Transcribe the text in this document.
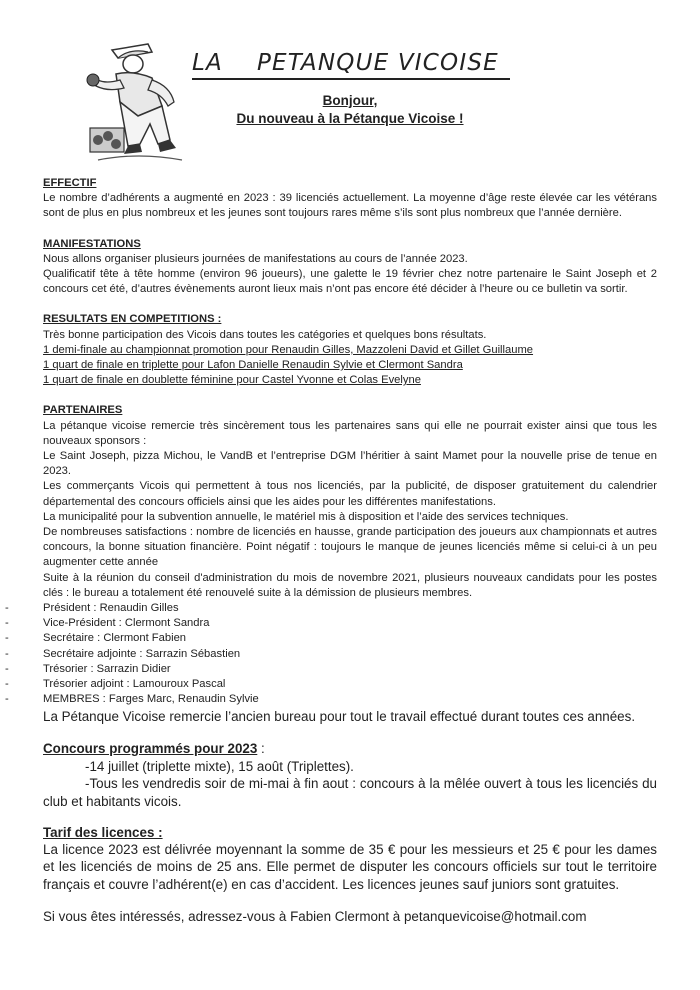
LA    PETANQUE VICOISE
Bonjour,
Du nouveau à la Pétanque Vicoise !

EFFECTIF

Le nombre d’adhérents a augmenté en 2023 : 39 licenciés actuellement. La moyenne d’âge reste élevée car les vétérans sont de plus en plus nombreux et les jeunes sont toujours rares même s’ils sont plus nombreux que l’année dernière.

MANIFESTATIONS

Nous allons organiser plusieurs journées de manifestations au cours de l’année 2023.

Qualificatif tête à tête homme (environ 96 joueurs), une galette le 19 février chez notre partenaire le Saint Joseph et 2 concours cet été, d’autres évènements auront lieux mais n’ont pas encore été décider à l’heure ou ce bulletin va sortir.

RESULTATS EN COMPETITIONS :

Très bonne participation des Vicois dans toutes les catégories et quelques bons résultats.

1 demi-finale au championnat promotion pour Renaudin Gilles, Mazzoleni David et Gillet Guillaume

1 quart de finale en triplette pour Lafon Danielle Renaudin Sylvie et Clermont Sandra

1 quart de finale en doublette féminine pour Castel Yvonne et Colas Evelyne

PARTENAIRES

La pétanque vicoise remercie très sincèrement tous les partenaires sans qui elle ne pourrait exister ainsi que tous les nouveaux sponsors :

Le Saint Joseph, pizza Michou, le VandB et l’entreprise DGM l’héritier à saint Mamet pour la nouvelle prise de tenue en 2023.

Les commerçants Vicois qui permettent à tous nos licenciés, par la publicité, de disposer gratuitement du calendrier départemental des concours officiels ainsi que les aides pour les différentes manifestations.

La municipalité pour la subvention annuelle, le matériel mis à disposition et l’aide des services techniques.

De nombreuses satisfactions : nombre de licenciés en hausse, grande participation des joueurs aux championnats et autres concours, la bonne situation financière. Point négatif : toujours le manque de jeunes licenciés même si celui-ci à un peu augmenter cette année

Suite à la réunion du conseil d'administration du mois de novembre 2021, plusieurs nouveaux candidats pour les postes clés : le bureau a totalement été renouvelé suite à la démission de plusieurs membres.

-	Président : Renaudin Gilles
-	Vice-Président : Clermont Sandra
-	Secrétaire : Clermont Fabien
-	Secrétaire adjointe : Sarrazin Sébastien
-	Trésorier : Sarrazin Didier
-	Trésorier adjoint : Lamouroux Pascal
-	MEMBRES : Farges Marc, Renaudin Sylvie

La Pétanque Vicoise remercie l’ancien bureau pour tout le travail effectué durant toutes ces années.

Concours programmés pour 2023 :

-14 juillet (triplette mixte), 15 août (Triplettes).

-Tous les vendredis soir de mi-mai à fin aout : concours à la mêlée ouvert à tous les licenciés du club et habitants vicois.

Tarif des licences :

La licence 2023 est délivrée moyennant la somme de 35 € pour les messieurs et 25 € pour les dames et les licenciés de moins de 25 ans. Elle permet de disputer les concours officiels sur tout le territoire français et couvre l’adhérent(e) en cas d’accident. Les licences jeunes sauf juniors sont gratuites.

Si vous êtes intéressés, adressez-vous à Fabien Clermont à petanquevicoise@hotmail.com
